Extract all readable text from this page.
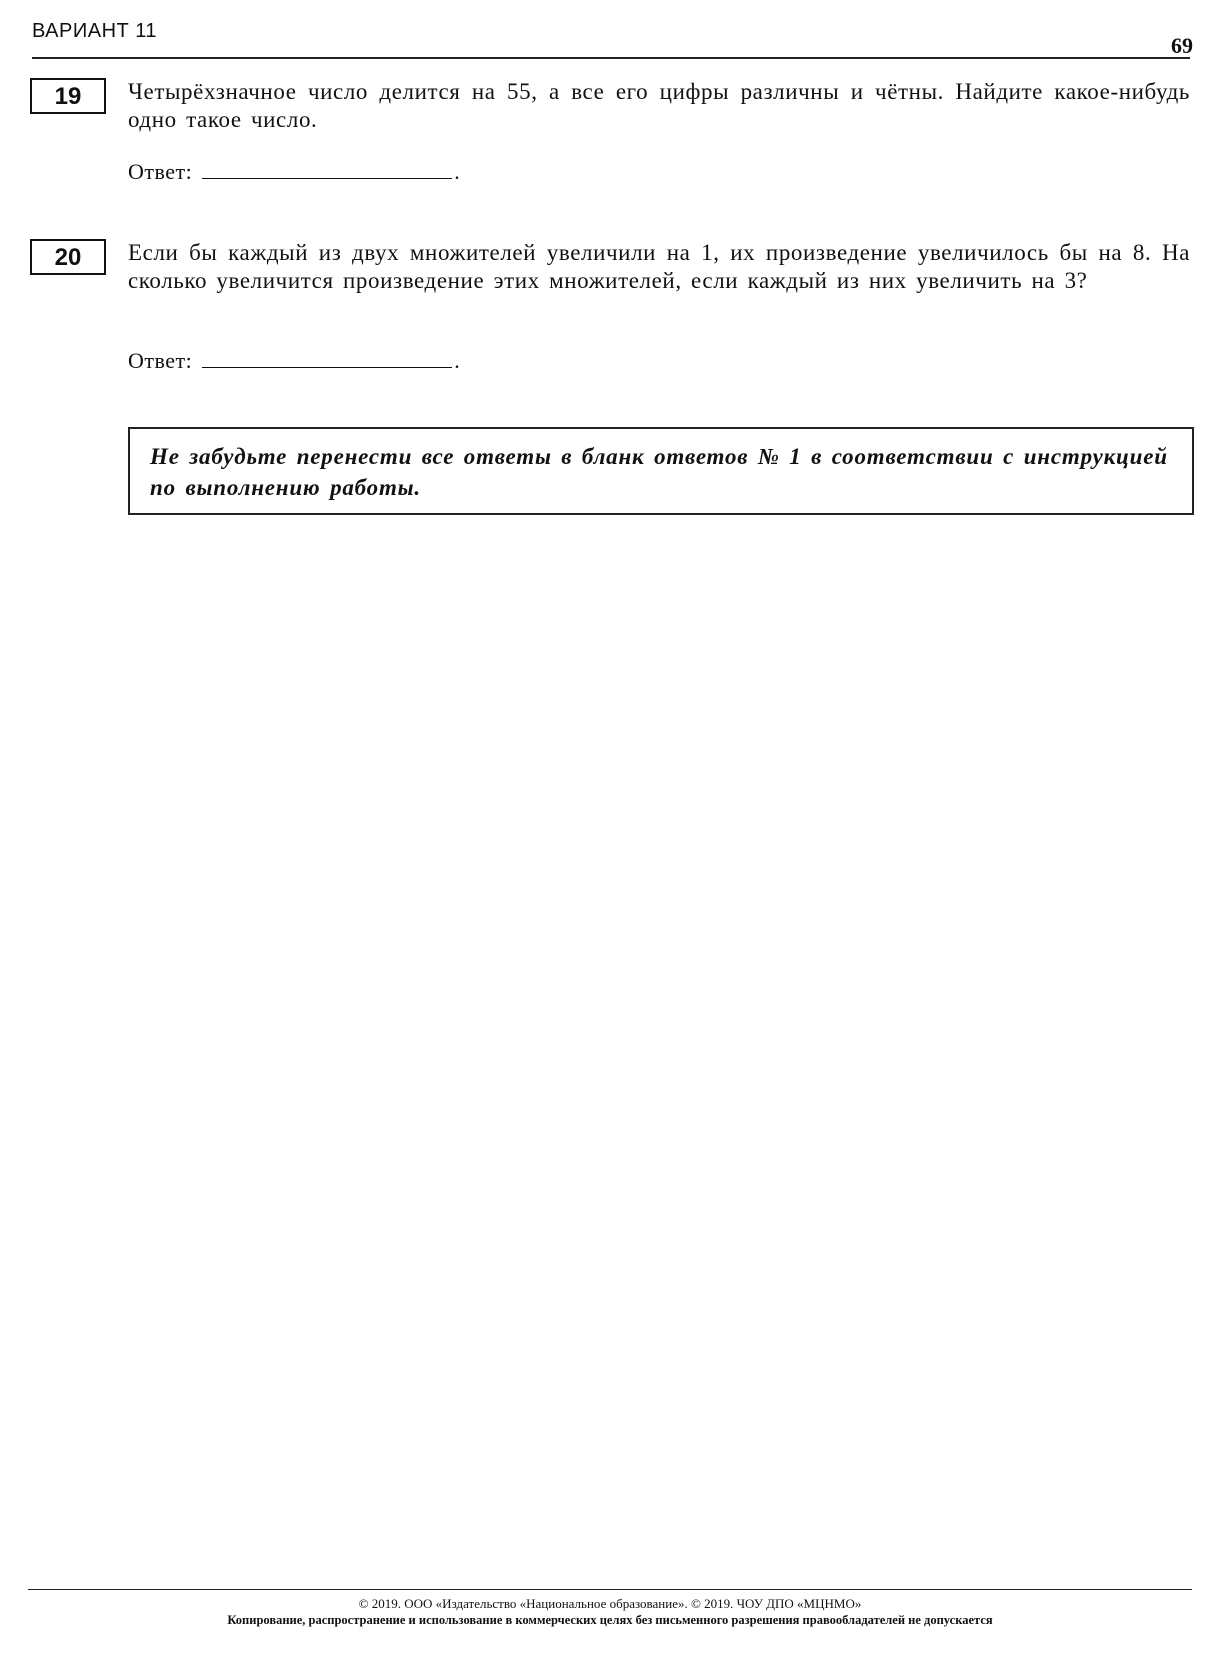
ВАРИАНТ 11
69
19	Четырёхзначное число делится на 55, а все его цифры различны и чётны. Найдите какое-нибудь одно такое число.
Ответ:	.
20	Если бы каждый из двух множителей увеличили на 1, их произведение увеличилось бы на 8. На сколько увеличится произведение этих множителей, если каждый из них увеличить на 3?
Ответ:	.
Не забудьте перенести все ответы в бланк ответов № 1 в соответствии с инструкцией по выполнению работы.
© 2019. ООО «Издательство «Национальное образование». © 2019. ЧОУ ДПО «МЦНМО»
Копирование, распространение и использование в коммерческих целях без письменного разрешения правообладателей не допускается
